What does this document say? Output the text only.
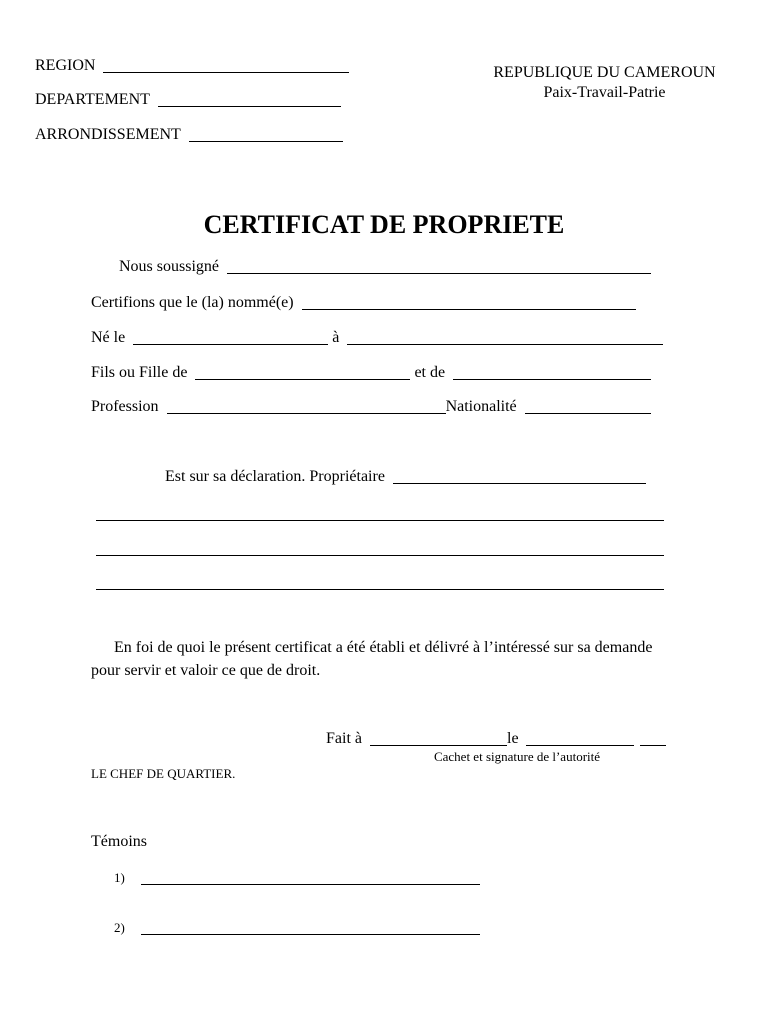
REGION
DEPARTEMENT
ARRONDISSEMENT
REPUBLIQUE DU CAMEROUN
Paix-Travail-Patrie
CERTIFICAT DE PROPRIETE
Nous soussigné
Certifions que le (la) nommé(e)
Né le	à
Fils ou Fille de	et de
Profession	Nationalité
Est sur sa déclaration. Propriétaire
En foi de quoi le présent certificat a été établi et délivré à l’intéressé sur sa demande pour servir et valoir ce que de droit.
Fait à	le
Cachet et signature de l’autorité
LE CHEF DE QUARTIER.
Témoins
1)
2)
